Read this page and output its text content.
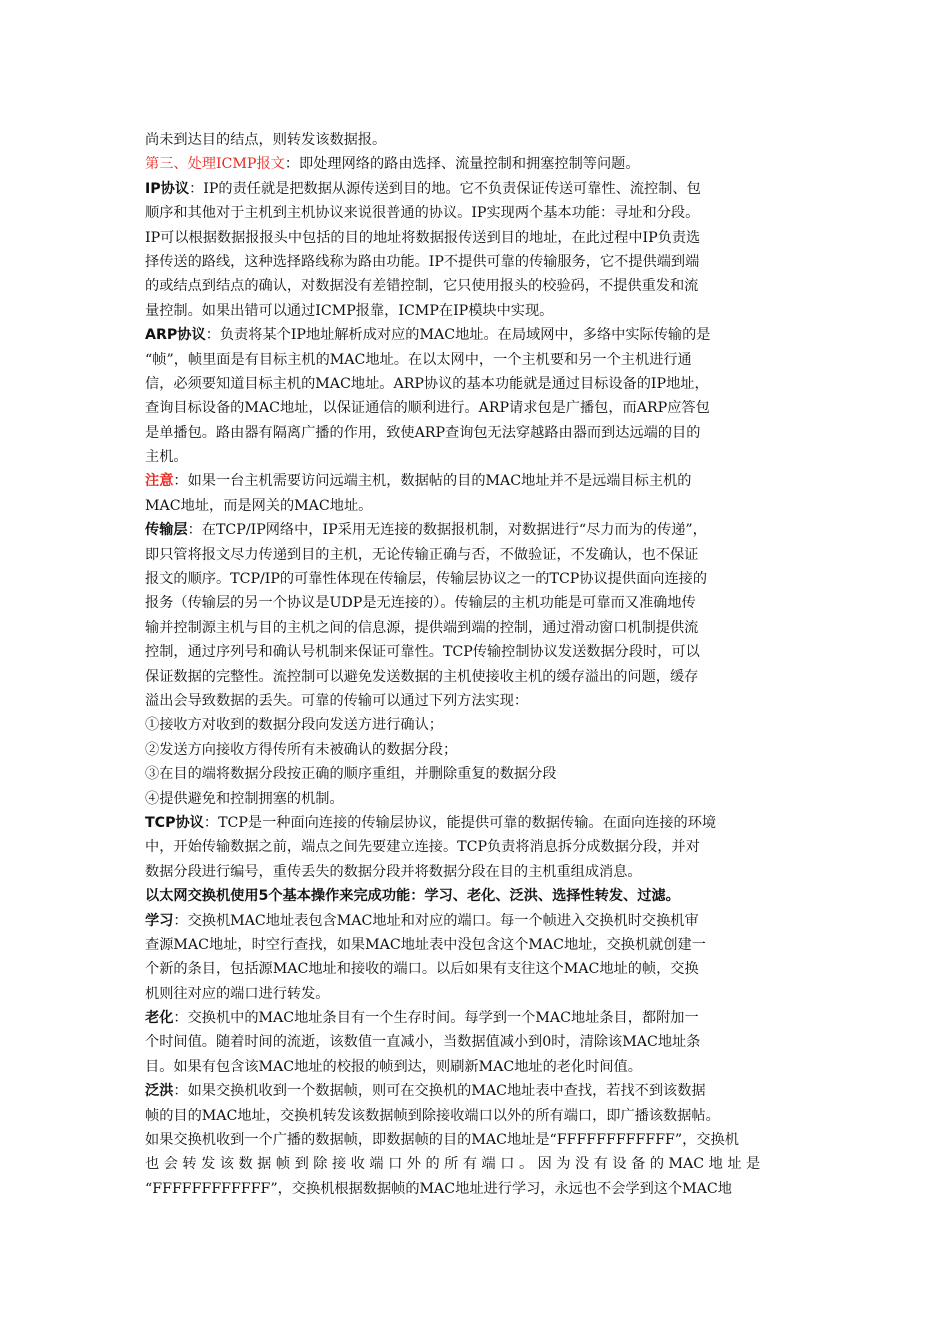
尚未到达目的结点，则转发该数据报。
第三、处理ICMP报文：即处理网络的路由选择、流量控制和拥塞控制等问题。
IP协议：IP的责任就是把数据从源传送到目的地。它不负责保证传送可靠性、流控制、包
顺序和其他对于主机到主机协议来说很普通的协议。IP实现两个基本功能：寻址和分段。
IP可以根据数据报报头中包括的目的地址将数据报传送到目的地址，在此过程中IP负责选
择传送的路线，这种选择路线称为路由功能。IP不提供可靠的传输服务，它不提供端到端
的或结点到结点的确认，对数据没有差错控制，它只使用报头的校验码，不提供重发和流
量控制。如果出错可以通过ICMP报靠，ICMP在IP模块中实现。
ARP协议：负责将某个IP地址解析成对应的MAC地址。在局域网中，多络中实际传输的是
“帧”，帧里面是有目标主机的MAC地址。在以太网中，一个主机要和另一个主机进行通
信，必须要知道目标主机的MAC地址。ARP协议的基本功能就是通过目标设备的IP地址，
查询目标设备的MAC地址，以保证通信的顺利进行。ARP请求包是广播包，而ARP应答包
是单播包。路由器有隔离广播的作用，致使ARP查询包无法穿越路由器而到达远端的目的
主机。
注意：如果一台主机需要访问远端主机，数据帖的目的MAC地址并不是远端目标主机的
MAC地址，而是网关的MAC地址。
传输层：在TCP/IP网络中，IP采用无连接的数据报机制，对数据进行“尽力而为的传递”，
即只管将报文尽力传递到目的主机，无论传输正确与否，不做验证，不发确认，也不保证
报文的顺序。TCP/IP的可靠性体现在传输层，传输层协议之一的TCP协议提供面向连接的
报务（传输层的另一个协议是UDP是无连接的）。传输层的主机功能是可靠而又准确地传
输并控制源主机与目的主机之间的信息源，提供端到端的控制，通过滑动窗口机制提供流
控制，通过序列号和确认号机制来保证可靠性。TCP传输控制协议发送数据分段时，可以
保证数据的完整性。流控制可以避免发送数据的主机使接收主机的缓存溢出的问题，缓存
溢出会导致数据的丢失。可靠的传输可以通过下列方法实现：
①接收方对收到的数据分段向发送方进行确认；
②发送方向接收方得传所有未被确认的数据分段；
③在目的端将数据分段按正确的顺序重组，并删除重复的数据分段
④提供避免和控制拥塞的机制。
TCP协议：TCP是一种面向连接的传输层协议，能提供可靠的数据传输。在面向连接的环境
中，开始传输数据之前，端点之间先要建立连接。TCP负责将消息拆分成数据分段，并对
数据分段进行编号，重传丢失的数据分段并将数据分段在目的主机重组成消息。
以太网交换机使用5个基本操作来完成功能：学习、老化、泛洪、选择性转发、过滤。
学习：交换机MAC地址表包含MAC地址和对应的端口。每一个帧进入交换机时交换机审
查源MAC地址，时空行查找，如果MAC地址表中没包含这个MAC地址，交换机就创建一
个新的条目，包括源MAC地址和接收的端口。以后如果有支往这个MAC地址的帧，交换
机则往对应的端口进行转发。
老化：交换机中的MAC地址条目有一个生存时间。每学到一个MAC地址条目，都附加一
个时间值。随着时间的流逝，该数值一直减小，当数据值减小到0时，清除该MAC地址条
目。如果有包含该MAC地址的校报的帧到达，则刷新MAC地址的老化时间值。
泛洪：如果交换机收到一个数据帧，则可在交换机的MAC地址表中查找，若找不到该数据
帧的目的MAC地址，交换机转发该数据帧到除接收端口以外的所有端口，即广播该数据帖。
如果交换机收到一个广播的数据帧，即数据帧的目的MAC地址是“FFFFFFFFFFFF”，交换机
也 会 转 发 该 数 据 帧 到 除 接 收 端 口 外 的 所 有 端 口 。 因 为 没 有 设 备 的 MAC 地 址 是
“FFFFFFFFFFFF”，交换机根据数据帧的MAC地址进行学习，永远也不会学到这个MAC地
